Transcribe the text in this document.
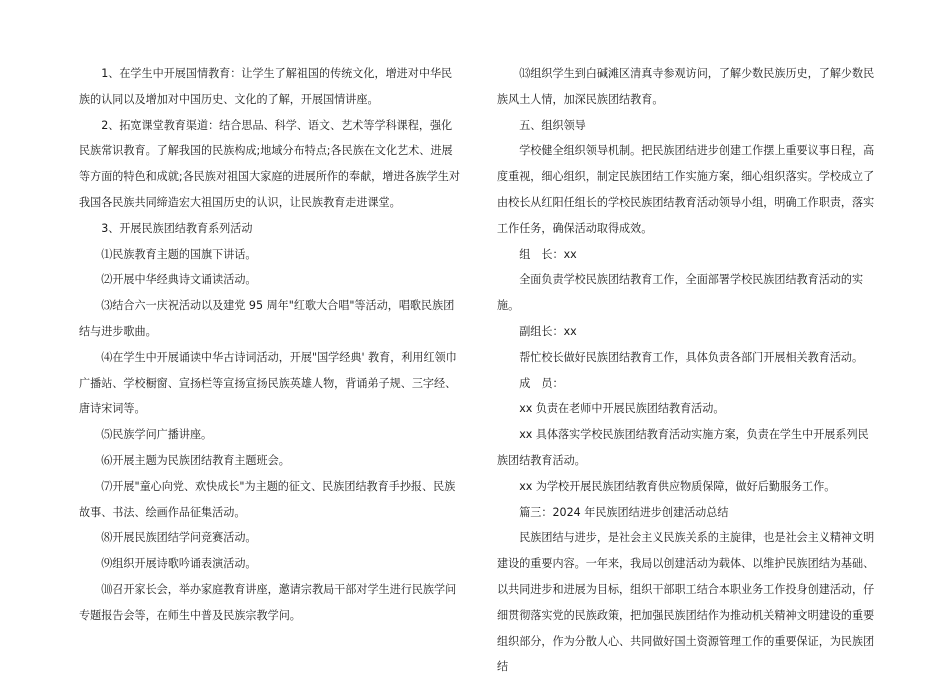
1、在学生中开展国情教育：让学生了解祖国的传统文化，增进对中华民族的认同以及增加对中国历史、文化的了解，开展国情讲座。

2、拓宽课堂教育渠道：结合思品、科学、语文、艺术等学科课程，强化民族常识教育。了解我国的民族构成;地域分布特点;各民族在文化艺术、进展等方面的特色和成就;各民族对祖国大家庭的进展所作的奉献，增进各族学生对我国各民族共同缔造宏大祖国历史的认识，让民族教育走进课堂。

3、开展民族团结教育系列活动

⑴民族教育主题的国旗下讲话。

⑵开展中华经典诗文诵读活动。

⑶结合六一庆祝活动以及建党 95 周年"红歌大合唱"等活动，唱歌民族团结与进步歌曲。

⑷在学生中开展诵读中华古诗词活动，开展"国学经典' 教育，利用红领巾广播站、学校橱窗、宣扬栏等宣扬宣扬民族英雄人物，背诵弟子规、三字经、唐诗宋词等。

⑸民族学问广播讲座。

⑹开展主题为民族团结教育主题班会。

⑺开展"童心向党、欢快成长"为主题的征文、民族团结教育手抄报、民族故事、书法、绘画作品征集活动。

⑻开展民族团结学问竞赛活动。

⑼组织开展诗歌吟诵表演活动。

⑽召开家长会，举办家庭教育讲座，邀请宗教局干部对学生进行民族学问专题报告会等，在师生中普及民族宗教学问。

⒀组织学生到白碱滩区清真寺参观访问，了解少数民族历史，了解少数民族风土人情，加深民族团结教育。

五、组织领导

学校健全组织领导机制。把民族团结进步创建工作摆上重要议事日程，高度重视，细心组织，制定民族团结工作实施方案，细心组织落实。学校成立了由校长从红阳任组长的学校民族团结教育活动领导小组，明确工作职责，落实工作任务，确保活动取得成效。

组　长：xx

全面负责学校民族团结教育工作，全面部署学校民族团结教育活动的实施。

副组长：xx

帮忙校长做好民族团结教育工作，具体负责各部门开展相关教育活动。

成　员：

xx 负责在老师中开展民族团结教育活动。

xx 具体落实学校民族团结教育活动实施方案，负责在学生中开展系列民族团结教育活动。

xx 为学校开展民族团结教育供应物质保障，做好后勤服务工作。

篇三：2024 年民族团结进步创建活动总结

民族团结与进步，是社会主义民族关系的主旋律，也是社会主义精神文明建设的重要内容。一年来，我局以创建活动为载体、以维护民族团结为基础、以共同进步和进展为目标，组织干部职工结合本职业务工作投身创建活动，仔细贯彻落实党的民族政策，把加强民族团结作为推动机关精神文明建设的重要组织部分，作为分散人心、共同做好国土资源管理工作的重要保证，为民族团结
